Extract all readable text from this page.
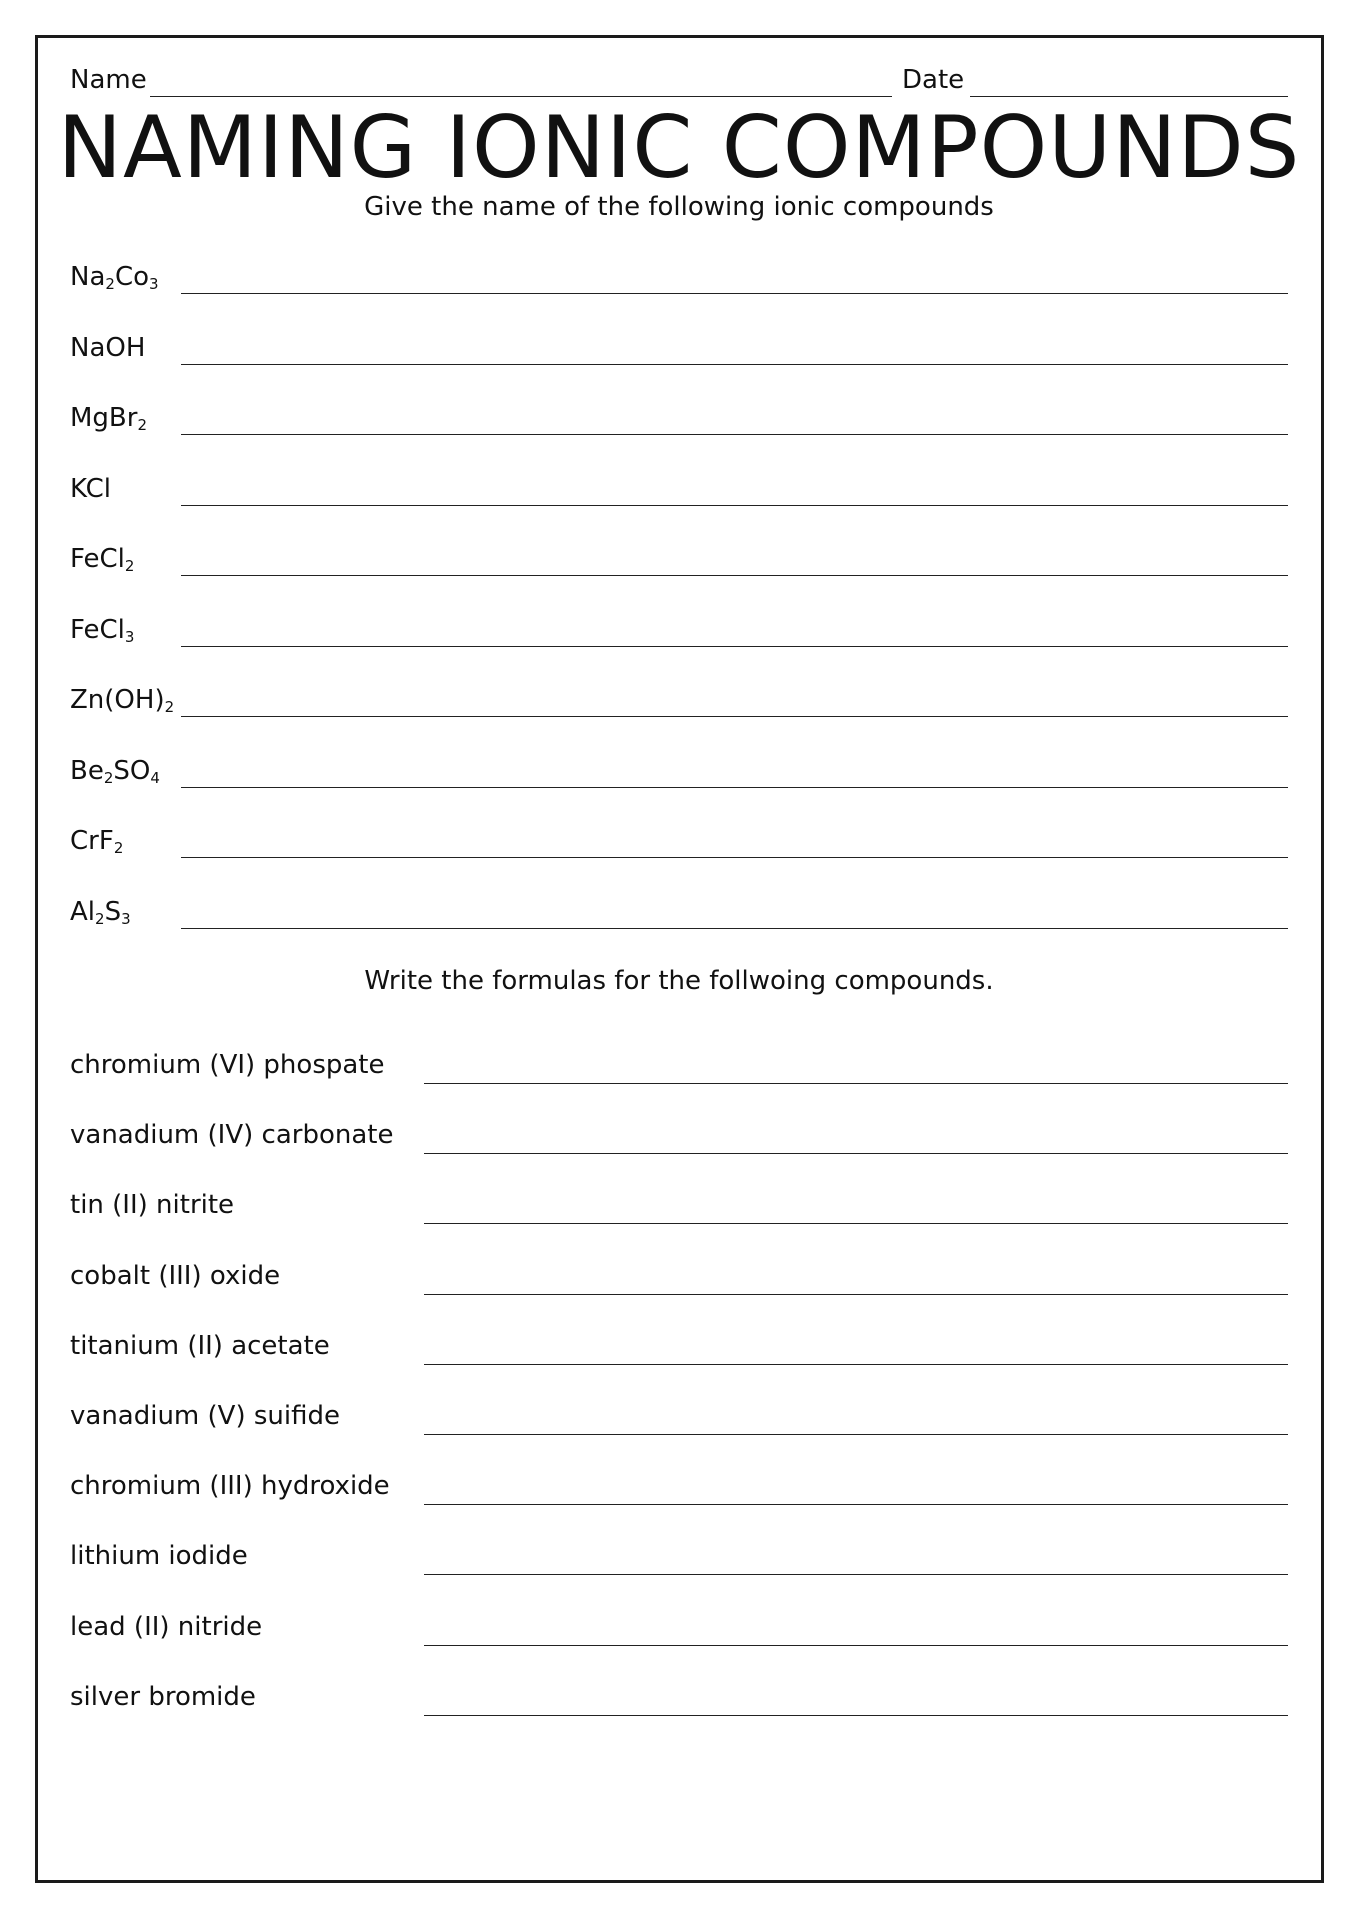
Name	Date
NAMING IONIC COMPOUNDS
Give the name of the following ionic compounds
$Na_2Co_3$
NaOH
MgBr$_2$
KCl
FeCl$_2$
FeCl$_3$
$Zn(OH)_2$
$Be_2SO_4$
CrF$_2$
$Al_2S_3$
Write the formulas for the follwoing compounds.
chromium (VI) phospate
vanadium (IV) carbonate
tin (II) nitrite
cobalt (III) oxide
titanium (II) acetate
vanadium (V) suifide
chromium (III) hydroxide
lithium iodide
lead (II) nitride
silver bromide
